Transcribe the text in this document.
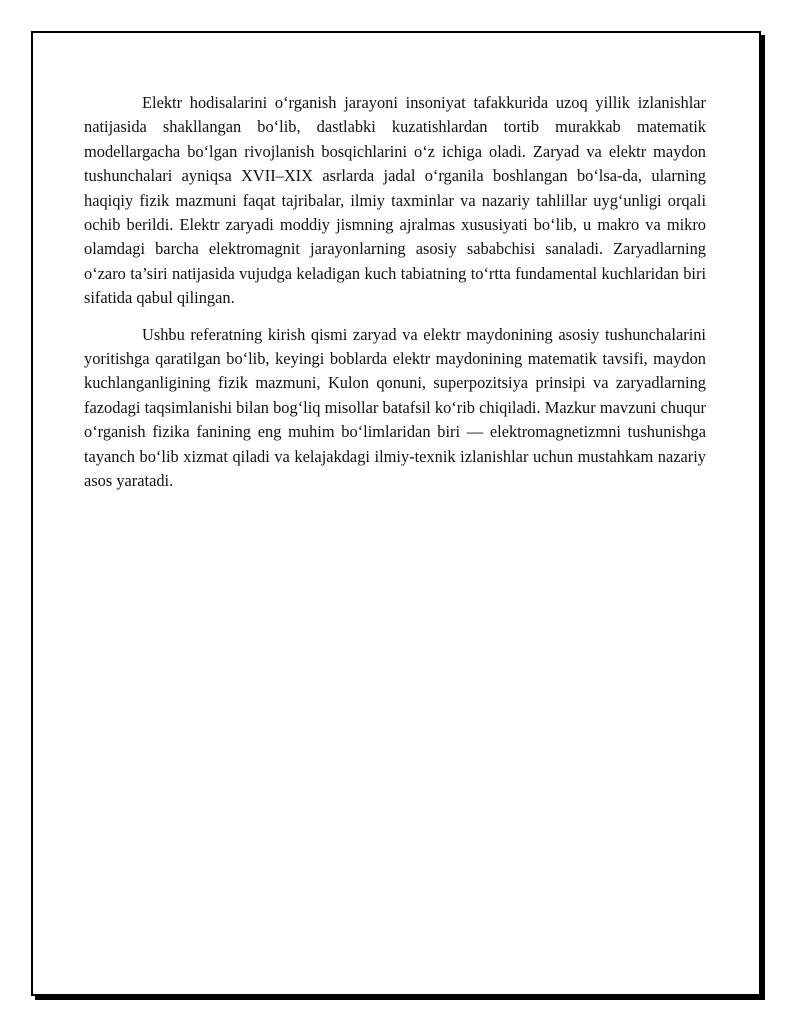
Elektr hodisalarini o‘rganish jarayoni insoniyat tafakkurida uzoq yillik izlanishlar natijasida shakllangan bo‘lib, dastlabki kuzatishlardan tortib murakkab matematik modellargacha bo‘lgan rivojlanish bosqichlarini o‘z ichiga oladi. Zaryad va elektr maydon tushunchalari ayniqsa XVII–XIX asrlarda jadal o‘rganila boshlangan bo‘lsa-da, ularning haqiqiy fizik mazmuni faqat tajribalar, ilmiy taxminlar va nazariy tahlillar uyg‘unligi orqali ochib berildi. Elektr zaryadi moddiy jismning ajralmas xususiyati bo‘lib, u makro va mikro olamdagi barcha elektromagnit jarayonlarning asosiy sababchisi sanaladi. Zaryadlarning o‘zaro ta’siri natijasida vujudga keladigan kuch tabiatning to‘rtta fundamental kuchlaridan biri sifatida qabul qilingan.

Ushbu referatning kirish qismi zaryad va elektr maydonining asosiy tushunchalarini yoritishga qaratilgan bo‘lib, keyingi boblarda elektr maydonining matematik tavsifi, maydon kuchlanganligining fizik mazmuni, Kulon qonuni, superpozitsiya prinsipi va zaryadlarning fazodagi taqsimlanishi bilan bog‘liq misollar batafsil ko‘rib chiqiladi. Mazkur mavzuni chuqur o‘rganish fizika fanining eng muhim bo‘limlaridan biri — elektromagnetizmni tushunishga tayanch bo‘lib xizmat qiladi va kelajakdagi ilmiy-texnik izlanishlar uchun mustahkam nazariy asos yaratadi.
